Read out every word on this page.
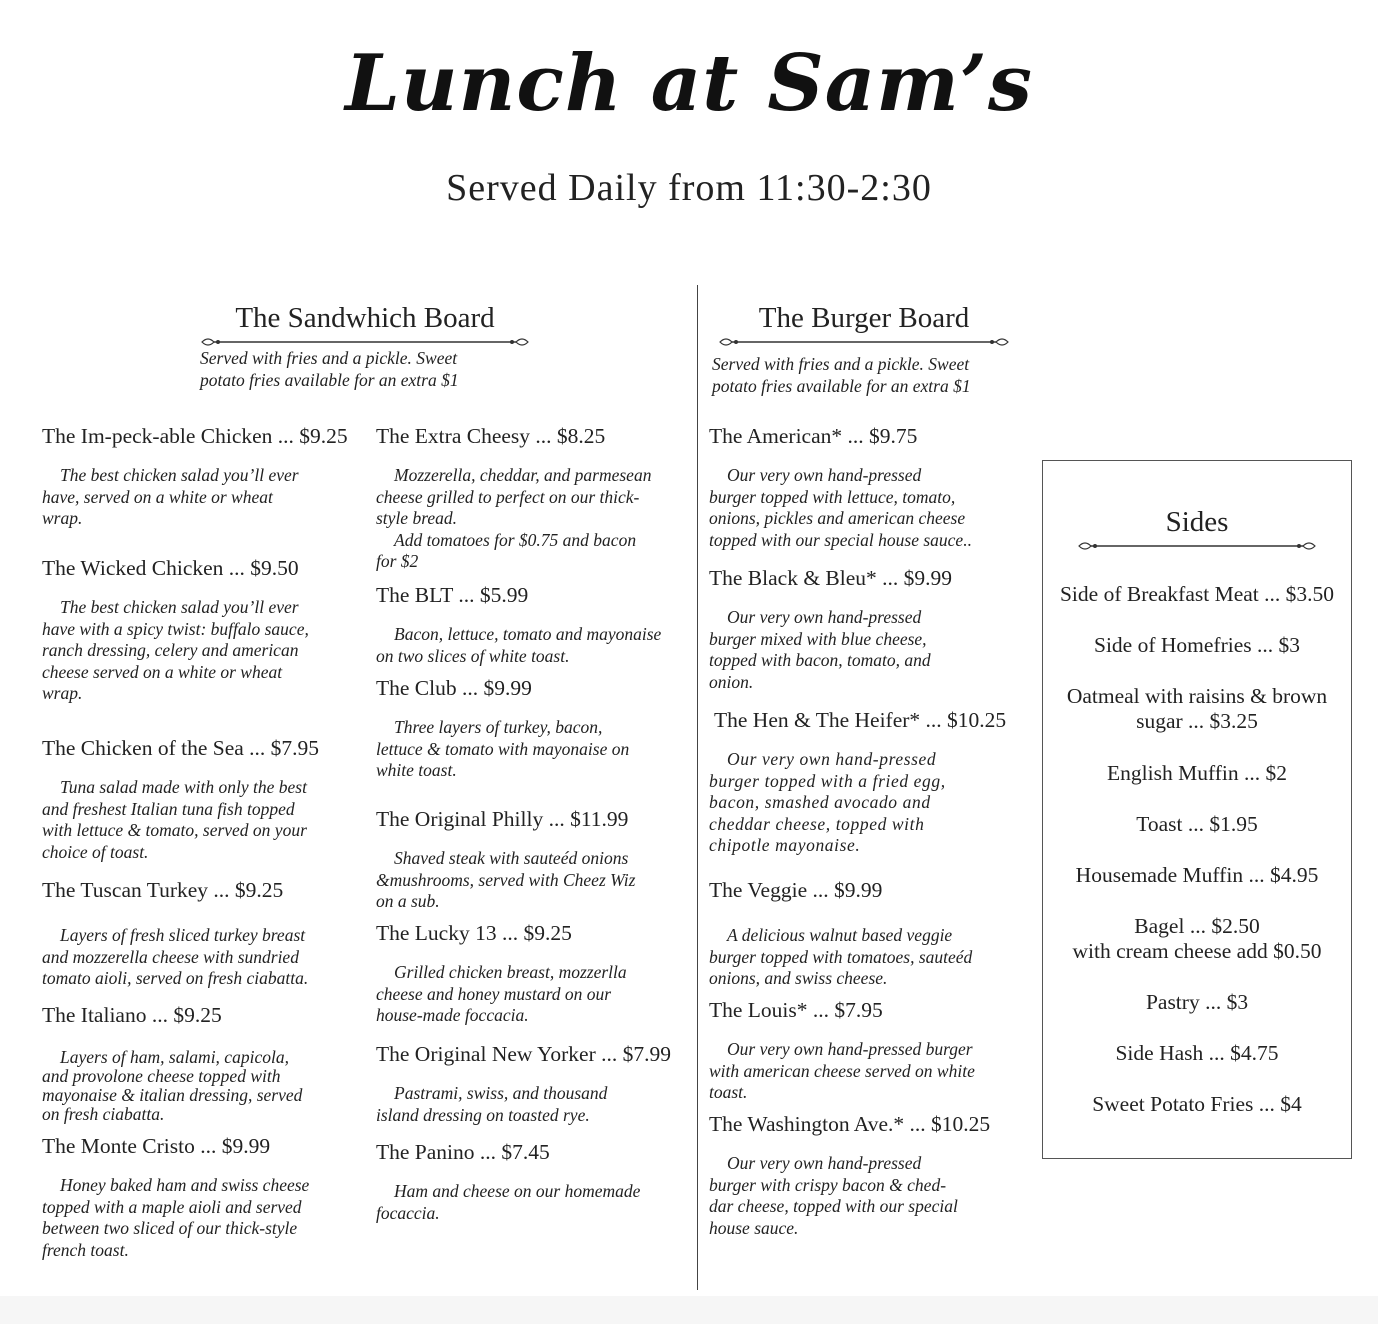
Lunch at Sam’s
Served Daily from 11:30-2:30
The Sandwhich Board
Served with fries and a pickle. Sweet
potato fries available for an extra $1
The Burger Board
Served with fries and a pickle. Sweet
potato fries available for an extra $1
The Im-peck-able Chicken ... $9.25
The best chicken salad you’ll ever
have, served on a white or wheat
wrap.
The Wicked Chicken ... $9.50
The best chicken salad you’ll ever
have with a spicy twist: buffalo sauce,
ranch dressing, celery and american
cheese served on a white or wheat
wrap.
The Chicken of the Sea ... $7.95
Tuna salad made with only the best
and freshest Italian tuna fish topped
with lettuce & tomato, served on your
choice of toast.
The Tuscan Turkey ... $9.25
Layers of fresh sliced turkey breast
and mozzerella cheese with sundried
tomato aioli, served on fresh ciabatta.
The Italiano ... $9.25
Layers of ham, salami, capicola,
and provolone cheese topped with
mayonaise & italian dressing, served
on fresh ciabatta.
The Monte Cristo ... $9.99
Honey baked ham and swiss cheese
topped with a maple aioli and served
between two sliced of our thick-style
french toast.
The Extra Cheesy ... $8.25
Mozzerella, cheddar, and parmesean
cheese grilled to perfect on our thick-
style bread.
Add tomatoes for $0.75 and bacon
for $2
The BLT ... $5.99
Bacon, lettuce, tomato and mayonaise
on two slices of white toast.
The Club ... $9.99
Three layers of turkey, bacon,
lettuce & tomato with mayonaise on
white toast.
The Original Philly ... $11.99
Shaved steak with sauteéd onions
&mushrooms, served with Cheez Wiz
on a sub.
The Lucky 13 ... $9.25
Grilled chicken breast, mozzerlla
cheese and honey mustard on our
house-made foccacia.
The Original New Yorker ... $7.99
Pastrami, swiss, and thousand
island dressing on toasted rye.
The Panino ... $7.45
Ham and cheese on our homemade
focaccia.
The American* ... $9.75
Our very own hand-pressed
burger topped with lettuce, tomato,
onions, pickles and american cheese
topped with our special house sauce..
The Black & Bleu* ... $9.99
Our very own hand-pressed
burger mixed with blue cheese,
topped with bacon, tomato, and
onion.
The Hen & The Heifer* ... $10.25
Our very own hand-pressed
burger topped with a fried egg,
bacon, smashed avocado and
cheddar cheese, topped with
chipotle mayonaise.
The Veggie ... $9.99
A delicious walnut based veggie
burger topped with tomatoes, sauteéd
onions, and swiss cheese.
The Louis* ... $7.95
Our very own hand-pressed burger
with american cheese served on white
toast.
The Washington Ave.* ... $10.25
Our very own hand-pressed
burger with crispy bacon & ched-
dar cheese, topped with our special
house sauce.
Sides
Side of Breakfast Meat ... $3.50
Side of Homefries ... $3
Oatmeal with raisins & brown
sugar ... $3.25
English Muffin ... $2
Toast ... $1.95
Housemade Muffin ... $4.95
Bagel ... $2.50
with cream cheese add $0.50
Pastry ... $3
Side Hash ... $4.75
Sweet Potato Fries ... $4
